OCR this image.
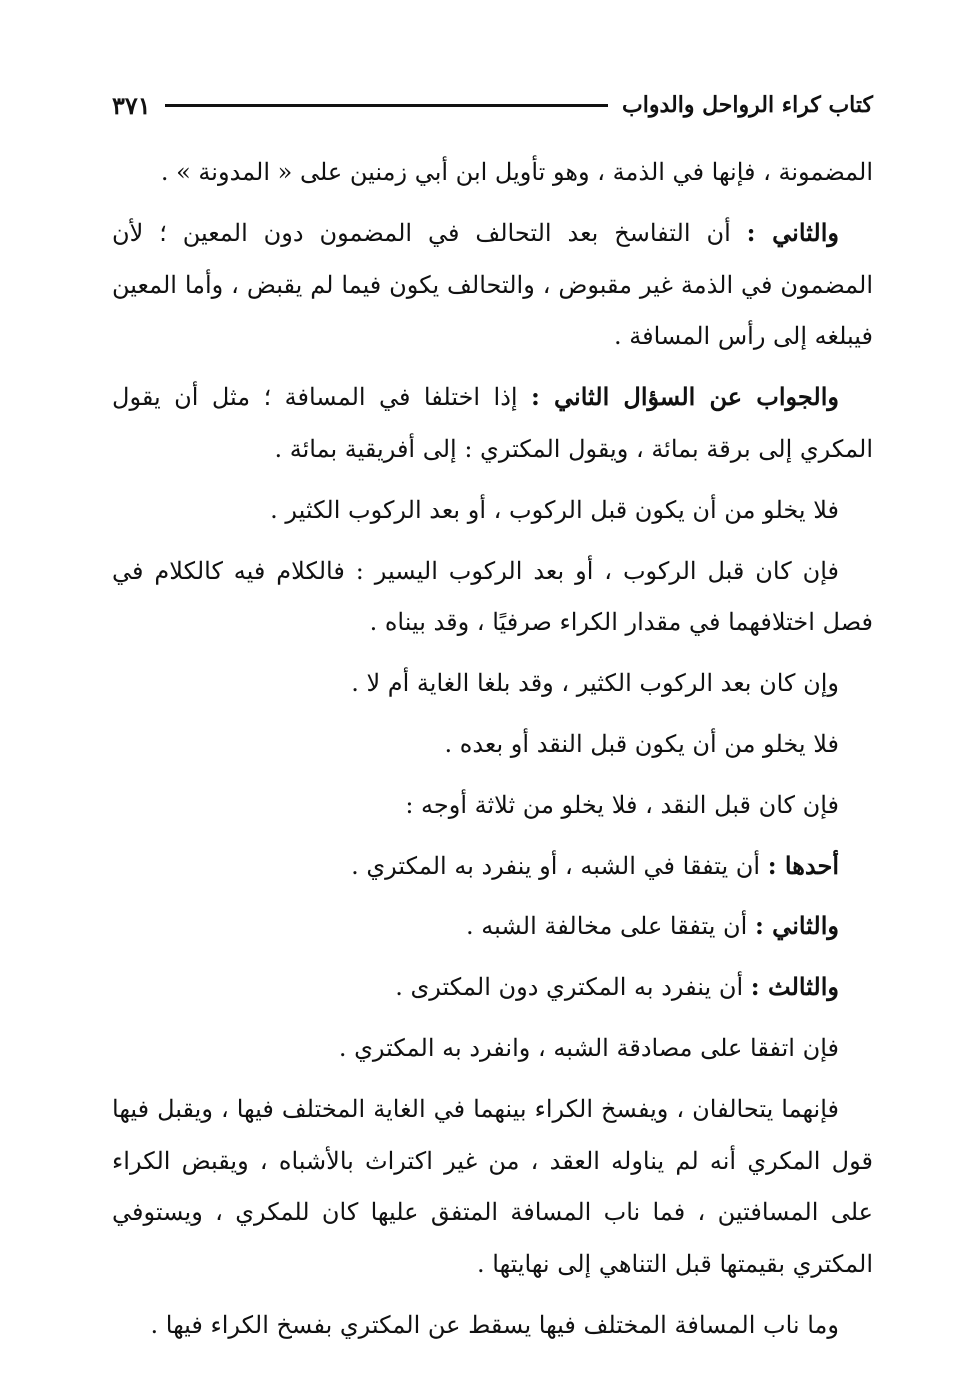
كتاب كراء الرواحل والدواب
٣٧١

المضمونة ، فإنها في الذمة ، وهو تأويل ابن أبي زمنين على « المدونة » .

والثاني : أن التفاسخ بعد التحالف في المضمون دون المعين ؛ لأن المضمون في الذمة غير مقبوض ، والتحالف يكون فيما لم يقبض ، وأما المعين فيبلغه إلى رأس المسافة .

والجواب عن السؤال الثاني : إذا اختلفا في المسافة ؛ مثل أن يقول المكري إلى برقة بمائة ، ويقول المكتري : إلى أفريقية بمائة .

فلا يخلو من أن يكون قبل الركوب ، أو بعد الركوب الكثير .

فإن كان قبل الركوب ، أو بعد الركوب اليسير : فالكلام فيه كالكلام في فصل اختلافهما في مقدار الكراء صرفيًا ، وقد بيناه .

وإن كان بعد الركوب الكثير ، وقد بلغا الغاية أم لا .

فلا يخلو من أن يكون قبل النقد أو بعده .

فإن كان قبل النقد ، فلا يخلو من ثلاثة أوجه :

أحدها : أن يتفقا في الشبه ، أو ينفرد به المكتري .

والثاني : أن يتفقا على مخالفة الشبه .

والثالث : أن ينفرد به المكتري دون المكترى .

فإن اتفقا على مصادقة الشبه ، وانفرد به المكتري .

فإنهما يتحالفان ، ويفسخ الكراء بينهما في الغاية المختلف فيها ، ويقبل فيها قول المكري أنه لم يناوله العقد ، من غير اكتراث بالأشباه ، ويقبض الكراء على المسافتين ، فما ناب المسافة المتفق عليها كان للمكري ، ويستوفي المكتري بقيمتها قبل التناهي إلى نهايتها .

وما ناب المسافة المختلف فيها يسقط عن المكتري بفسخ الكراء فيها .
